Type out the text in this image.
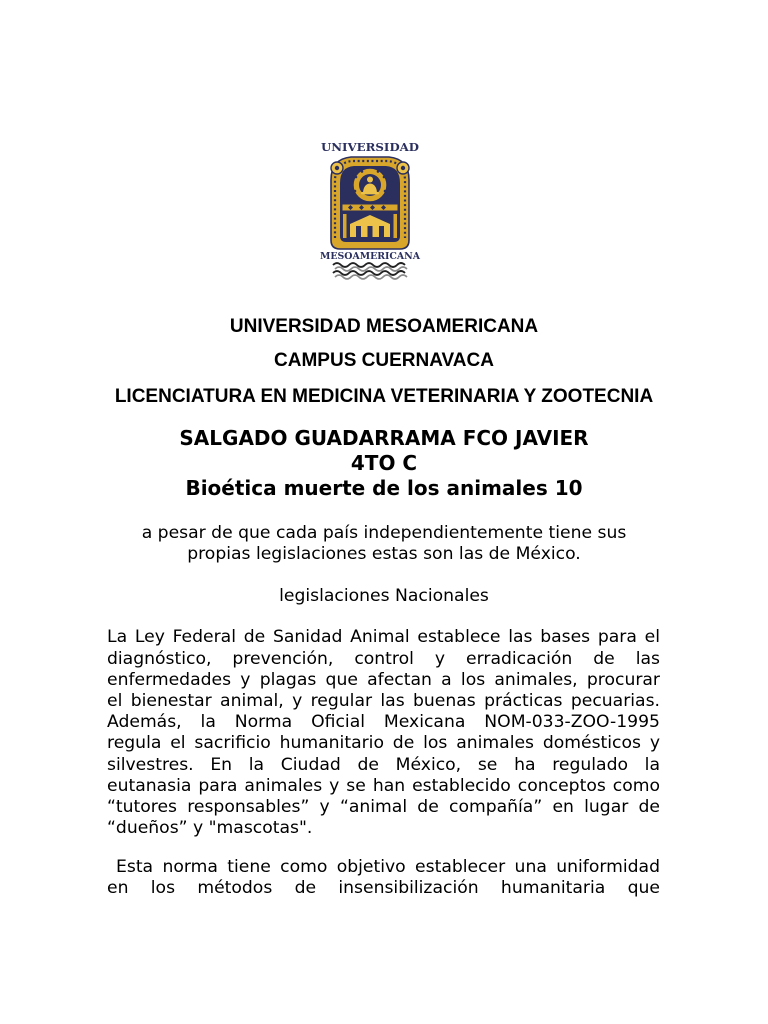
UNIVERSIDAD
MESOAMERICANA
UNIVERSIDAD MESOAMERICANA
CAMPUS CUERNAVACA
LICENCIATURA EN MEDICINA VETERINARIA Y ZOOTECNIA
SALGADO GUADARRAMA FCO JAVIER
4TO C
Bioética muerte de los animales 10
a pesar de que cada país independientemente tiene sus
propias legislaciones estas son las de México.
legislaciones Nacionales
La Ley Federal de Sanidad Animal establece las bases para el
diagnóstico, prevención, control y erradicación de las
enfermedades y plagas que afectan a los animales, procurar
el bienestar animal, y regular las buenas prácticas pecuarias.
Además, la Norma Oficial Mexicana NOM-033-ZOO-1995
regula el sacrificio humanitario de los animales domésticos y
silvestres. En la Ciudad de México, se ha regulado la
eutanasia para animales y se han establecido conceptos como
“tutores responsables” y “animal de compañía” en lugar de
“dueños” y "mascotas".
Esta norma tiene como objetivo establecer una uniformidad
en los métodos de insensibilización humanitaria que
